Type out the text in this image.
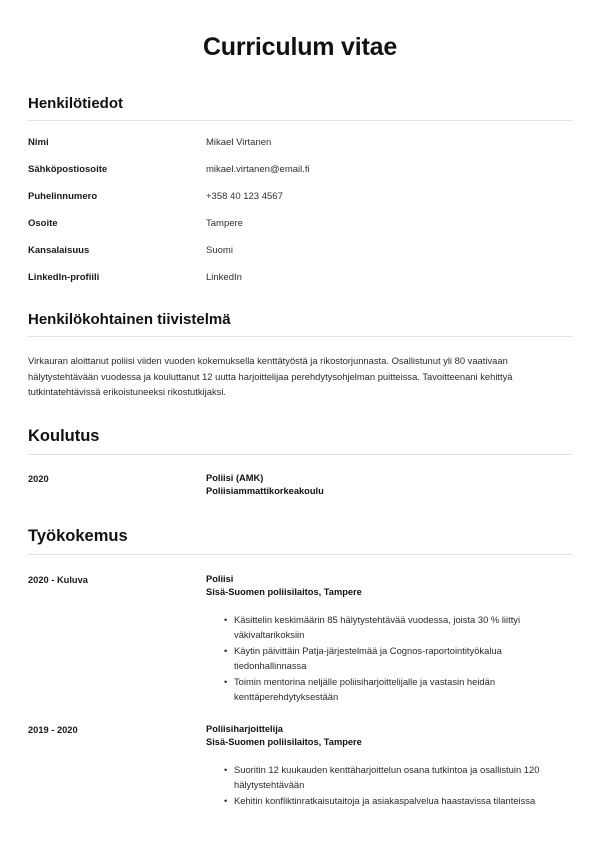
Curriculum vitae
Henkilötiedot
Nimi	Mikael Virtanen
Sähköpostiosoite	mikael.virtanen@email.fi
Puhelinnumero	+358 40 123 4567
Osoite	Tampere
Kansalaisuus	Suomi
LinkedIn-profiili	LinkedIn
Henkilökohtainen tiivistelmä

Virkauran aloittanut poliisi viiden vuoden kokemuksella kenttätyöstä ja rikostorjunnasta. Osallistunut yli 80 vaativaan hälytystehtävään vuodessa ja kouluttanut 12 uutta harjoittelijaa perehdytysohjelman puitteissa. Tavoitteenani kehittyä tutkintatehtävissä erikoistuneeksi rikostutkijaksi.

Koulutus
2020	Poliisi (AMK)
Poliisiammattikorkeakoulu
Työkokemus
2020 - Kuluva	Poliisi
Sisä-Suomen poliisilaitos, Tampere
• Käsittelin keskimäärin 85 hälytystehtävää vuodessa, joista 30 % liittyi väkivaltarikoksiin
• Käytin päivittäin Patja-järjestelmää ja Cognos-raportointityökalua tiedonhallinnassa
• Toimin mentorina neljälle poliisiharjoittelijalle ja vastasin heidän kenttäperehdytyksestään
2019 - 2020	Poliisiharjoittelija
Sisä-Suomen poliisilaitos, Tampere
• Suoritin 12 kuukauden kenttäharjoittelun osana tutkintoa ja osallistuin 120 hälytystehtävään
• Kehitin konfliktinratkaisutaitoja ja asiakaspalvelua haastavissa tilanteissa
